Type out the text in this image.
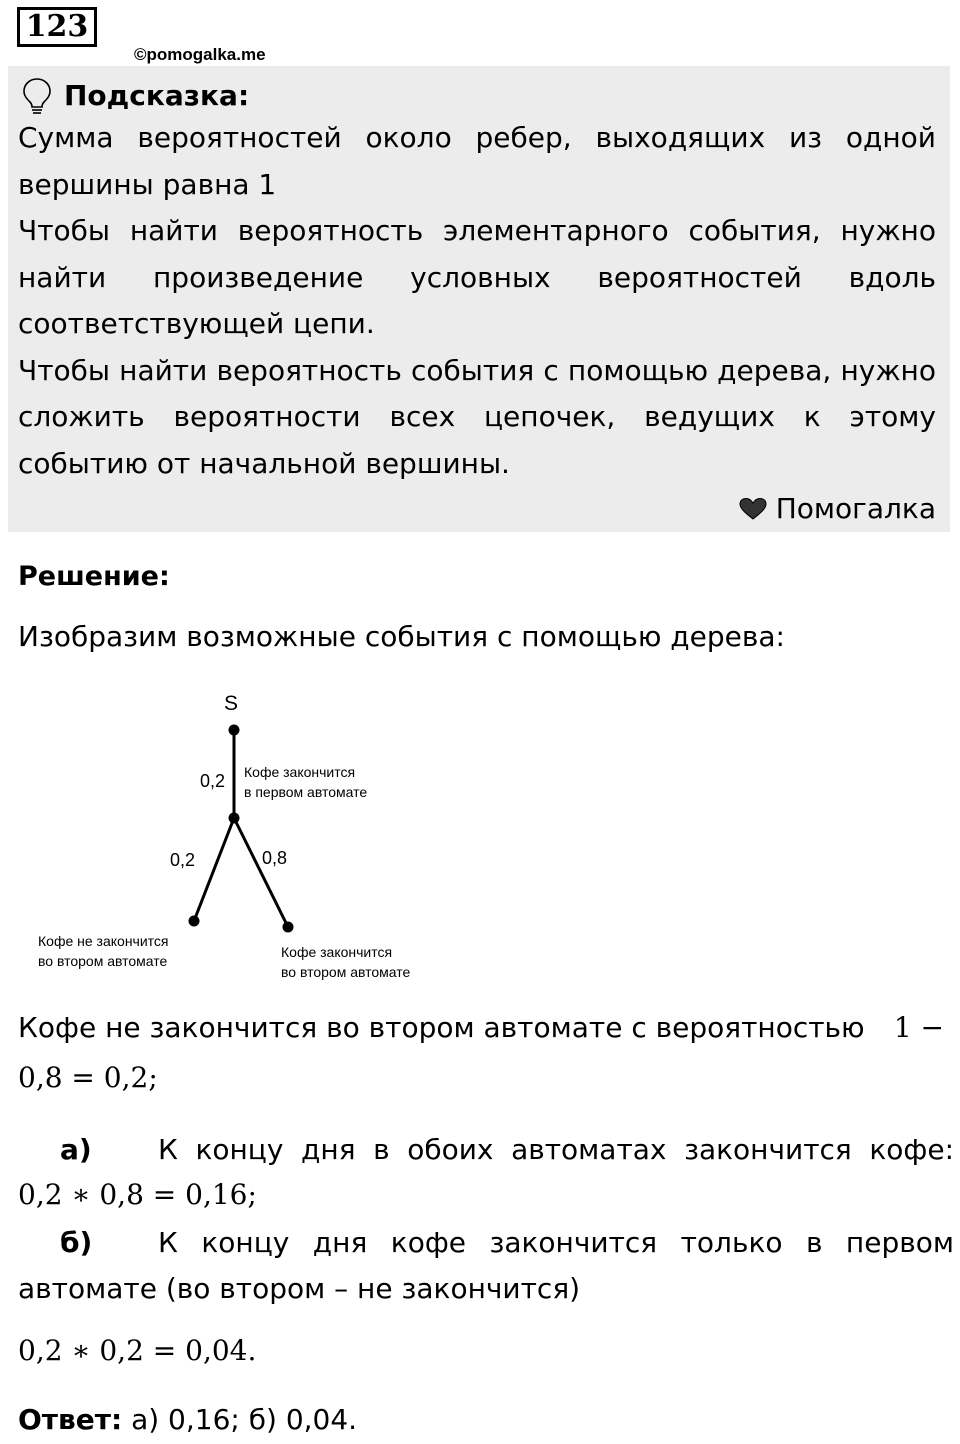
123
©pomogalka.me
Подсказка:

Сумма вероятностей около ребер, выходящих из одной вершины равна 1

Чтобы найти вероятность элементарного события, нужно найти произведение условных вероятностей вдоль соответствующей цепи.

Чтобы найти вероятность события с помощью дерева, нужно сложить вероятности всех цепочек, ведущих к этому событию от начальной вершины.

Помогалка
Решение:
Изобразим возможные события с помощью дерева:
S
0,2 Кофе закончится
в первом автомате
0,2	0,8
Кофе не закончится
во втором автомате
Кофе закончится
во втором автомате
Кофе не закончится во втором автомате с вероятностью 1 −
0,8 = 0,2;
а)	К концу дня в обоих автоматах закончится кофе:
0,2 ∗ 0,8 = 0,16;
б)	К концу дня кофе закончится только в первом
автомате (во втором – не закончится)
0,2 ∗ 0,2 = 0,04.
Ответ: а) 0,16; б) 0,04.
